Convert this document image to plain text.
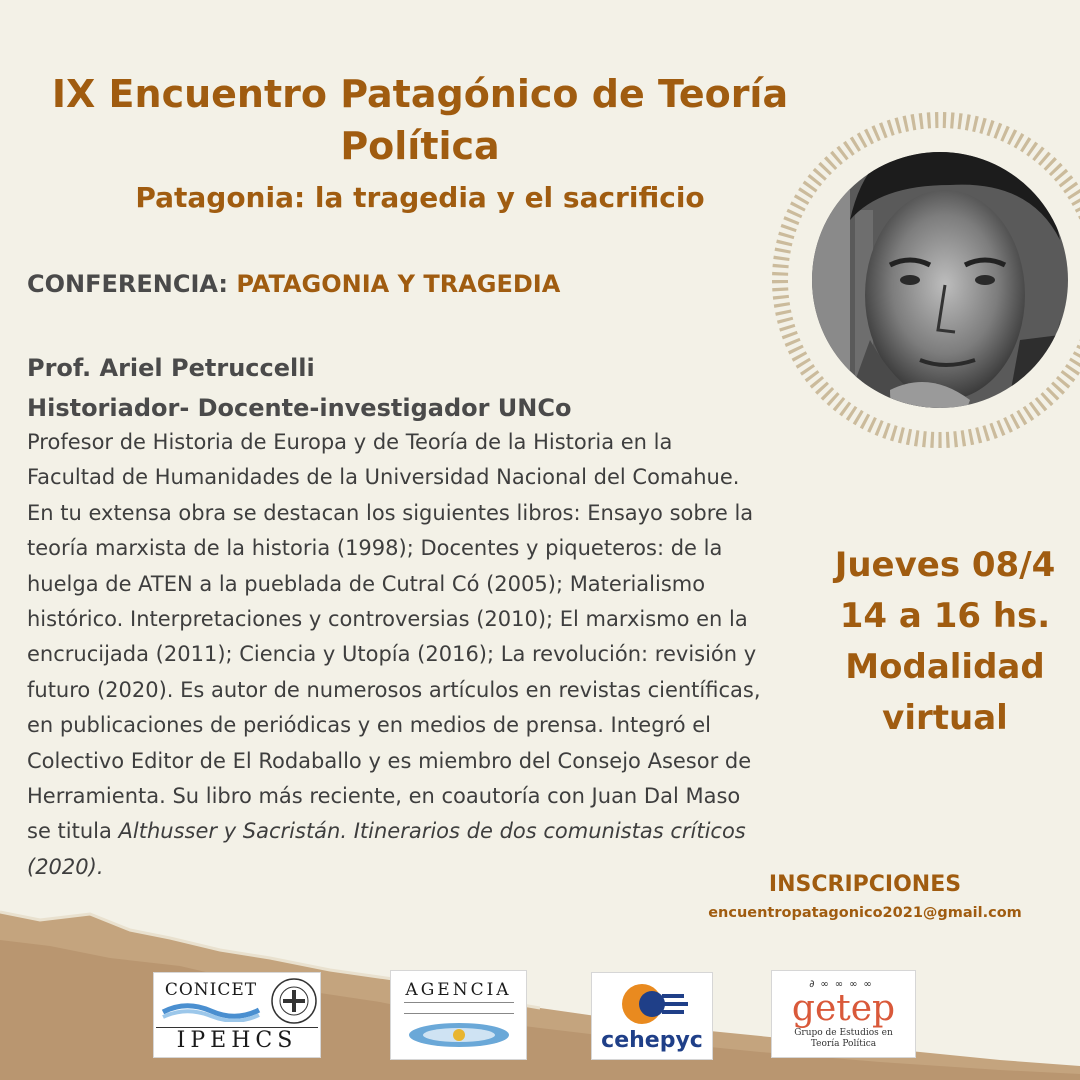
IX Encuentro Patagónico de Teoría
Política
Patagonia: la tragedia y el sacrificio
CONFERENCIA: PATAGONIA Y TRAGEDIA
Prof. Ariel Petruccelli
Historiador- Docente-investigador UNCo
Profesor de Historia de Europa y de Teoría de la Historia en la
Facultad de Humanidades de la Universidad Nacional del Comahue.
En tu extensa obra se destacan los siguientes libros: Ensayo sobre la
teoría marxista de la historia (1998); Docentes y piqueteros: de la
huelga de ATEN a la pueblada de Cutral Có (2005); Materialismo
histórico. Interpretaciones y controversias (2010); El marxismo en la
encrucijada (2011); Ciencia y Utopía (2016); La revolución: revisión y
futuro (2020). Es autor de numerosos artículos en revistas científicas,
en publicaciones de periódicas y en medios de prensa. Integró el
Colectivo Editor de El Rodaballo y es miembro del Consejo Asesor de
Herramienta. Su libro más reciente, en coautoría con Juan Dal Maso
se titula Althusser y Sacristán. Itinerarios de dos comunistas críticos
(2020).
Jueves 08/4
14 a 16 hs.
Modalidad
virtual
INSCRIPCIONES
encuentropatagonico2021@gmail.com
CONICET
IPEHCS
AGENCIA
cehepyc
∂∞∞∞∞
getep
Grupo de Estudios en
Teoría Política
